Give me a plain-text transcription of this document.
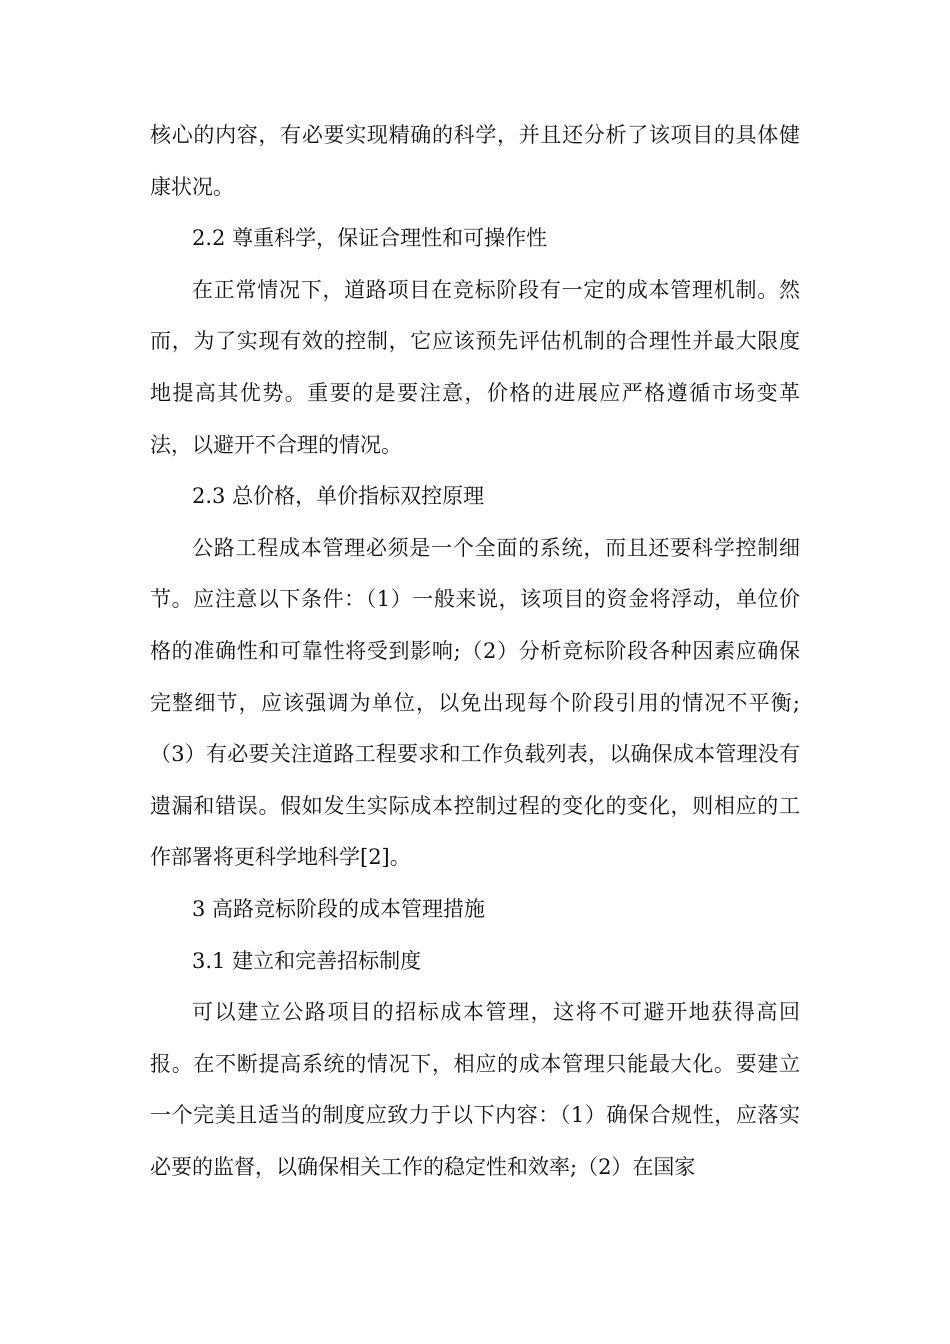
核心的内容，有必要实现精确的科学，并且还分析了该项目的具体健康状况。

2.2 尊重科学，保证合理性和可操作性

在正常情况下，道路项目在竞标阶段有一定的成本管理机制。然而，为了实现有效的控制，它应该预先评估机制的合理性并最大限度地提高其优势。重要的是要注意，价格的进展应严格遵循市场变革法，以避开不合理的情况。

2.3 总价格，单价指标双控原理

公路工程成本管理必须是一个全面的系统，而且还要科学控制细节。应注意以下条件：（1）一般来说，该项目的资金将浮动，单位价格的准确性和可靠性将受到影响;（2）分析竞标阶段各种因素应确保完整细节，应该强调为单位，以免出现每个阶段引用的情况不平衡;（3）有必要关注道路工程要求和工作负载列表，以确保成本管理没有遗漏和错误。假如发生实际成本控制过程的变化的变化，则相应的工作部署将更科学地科学[2]。

3 高路竞标阶段的成本管理措施

3.1 建立和完善招标制度

可以建立公路项目的招标成本管理，这将不可避开地获得高回报。在不断提高系统的情况下，相应的成本管理只能最大化。要建立一个完美且适当的制度应致力于以下内容：（1）确保合规性，应落实必要的监督，以确保相关工作的稳定性和效率;（2）在国家
